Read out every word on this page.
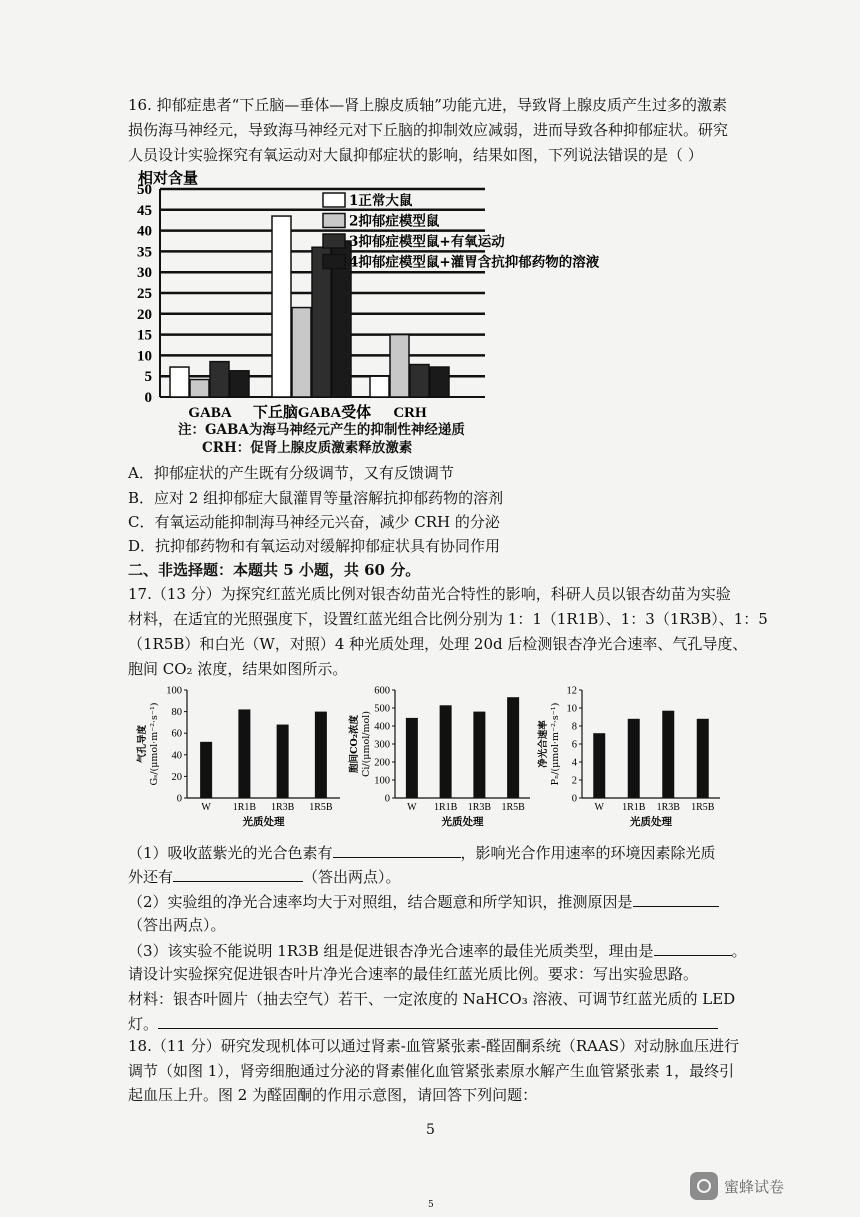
16. 抑郁症患者“下丘脑—垂体—肾上腺皮质轴”功能亢进，导致肾上腺皮质产生过多的激素
损伤海马神经元，导致海马神经元对下丘脑的抑制效应减弱，进而导致各种抑郁症状。研究
人员设计实验探究有氧运动对大鼠抑郁症状的影响，结果如图，下列说法错误的是（ ）
0
5
10
15
20
25
30
35
40
45
50
相对含量
GABA 下丘脑GABA受体 CRH
1正常大鼠
2抑郁症模型鼠
3抑郁症模型鼠+有氧运动
4抑郁症模型鼠+灌胃含抗抑郁药物的溶液
注：GABA为海马神经元产生的抑制性神经递质
CRH：促肾上腺皮质激素释放激素
A．抑郁症状的产生既有分级调节，又有反馈调节
B．应对 2 组抑郁症大鼠灌胃等量溶解抗抑郁药物的溶剂
C．有氧运动能抑制海马神经元兴奋，减少 CRH 的分泌
D．抗抑郁药物和有氧运动对缓解抑郁症状具有协同作用
二、非选择题：本题共 5 小题，共 60 分。
17.（13 分）为探究红蓝光质比例对银杏幼苗光合特性的影响，科研人员以银杏幼苗为实验
材料，在适宜的光照强度下，设置红蓝光组合比例分别为 1：1（1R1B）、1：3（1R3B）、1：5
（1R5B）和白光（W，对照）4 种光质处理，处理 20d 后检测银杏净光合速率、气孔导度、
胞间 CO₂ 浓度，结果如图所示。
0
20
40
60
80
100
W 1R1B 1R3B 1R5B
光质处理
气孔导度 Gₛ/(μmol·m⁻²·s⁻¹)
0
100
200
300
400
500
600
W 1R1B 1R3B 1R5B
光质处理
胞间CO₂浓度 Ci/(μmol/mol)
0
2
4
6
8
10
12
W 1R1B 1R3B 1R5B
光质处理
净光合速率 Pₙ/(μmol·m⁻²·s⁻¹)
（1）吸收蓝紫光的光合色素有	，影响光合作用速率的环境因素除光质
外还有	（答出两点）。
（2）实验组的净光合速率均大于对照组，结合题意和所学知识，推测原因是
（答出两点）。
（3）该实验不能说明 1R3B 组是促进银杏净光合速率的最佳光质类型，理由是	。
请设计实验探究促进银杏叶片净光合速率的最佳红蓝光质比例。要求：写出实验思路。
材料：银杏叶圆片（抽去空气）若干、一定浓度的 NaHCO₃ 溶液、可调节红蓝光质的 LED
灯。
18.（11 分）研究发现机体可以通过肾素-血管紧张素-醛固酮系统（RAAS）对动脉血压进行
调节（如图 1），肾旁细胞通过分泌的肾素催化血管紧张素原水解产生血管紧张素 1，最终引
起血压上升。图 2 为醛固酮的作用示意图，请回答下列问题：
5
5
蜜蜂试卷
